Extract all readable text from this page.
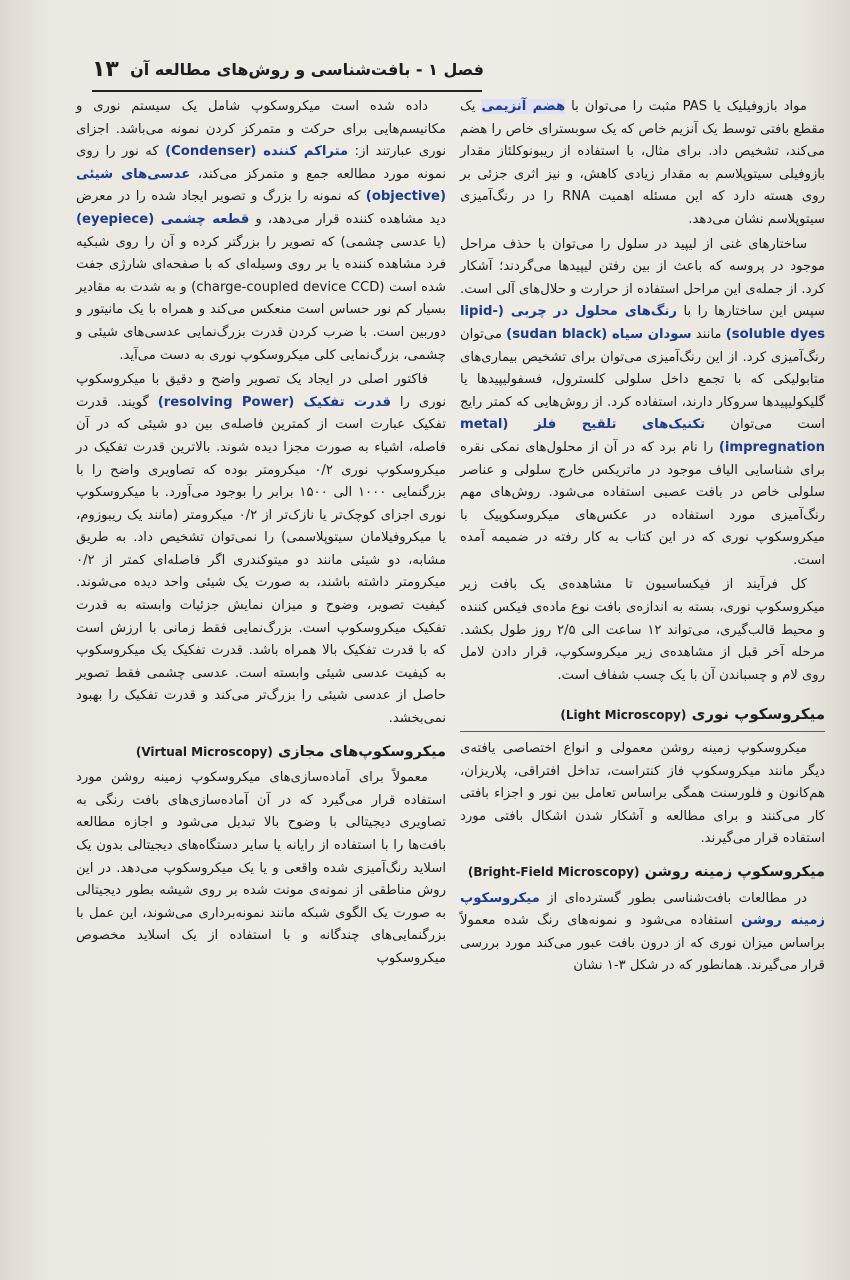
فصل ۱ - بافت‌شناسی و روش‌های مطالعه آن
۱۳

مواد بازوفیلیک یا PAS مثبت را می‌توان با هضم آنزیمی یک مقطع بافتی توسط یک آنزیم خاص که یک سوبسترای خاص را هضم می‌کند، تشخیص داد. برای مثال، با استفاده از ریبونوکلئاز مقدار بازوفیلی سیتوپلاسم به مقدار زیادی کاهش، و نیز اثری جزئی بر روی هسته دارد که این مسئله اهمیت RNA را در رنگ‌آمیزی سیتوپلاسم نشان می‌دهد.

ساختارهای غنی از لیپید در سلول را می‌توان با حذف مراحل موجود در پروسه که باعث از بین رفتن لیپیدها می‌گردند؛ آشکار کرد. از جمله‌ی این مراحل استفاده از حرارت و حلال‌های آلی است. سپس این ساختارها را با رنگ‌های محلول در چربی (lipid-soluble dyes) مانند سودان سیاه (sudan black) می‌توان رنگ‌آمیزی کرد. از این رنگ‌آمیزی می‌توان برای تشخیص بیماری‌های متابولیکی که با تجمع داخل سلولی کلسترول، فسفولیپیدها یا گلیکولیپیدها سروکار دارند، استفاده کرد. از روش‌هایی که کمتر رایج است می‌توان تکنیک‌های تلقیح فلز (metal impregnation) را نام برد که در آن از محلول‌های نمکی نقره برای شناسایی الیاف موجود در ماتریکس خارج سلولی و عناصر سلولی خاص در بافت عصبی استفاده می‌شود. روش‌های مهم رنگ‌آمیزی مورد استفاده در عکس‌های میکروسکوپیک با میکروسکوپ نوری که در این کتاب به کار رفته در ضمیمه آمده است.

کل فرآیند از فیکساسیون تا مشاهده‌ی یک بافت زیر میکروسکوپ نوری، بسته به اندازه‌ی بافت نوع ماده‌ی فیکس کننده و محیط قالب‌گیری، می‌تواند ۱۲ ساعت الی ۲/۵ روز طول بکشد. مرحله آخر قبل از مشاهده‌ی زیر میکروسکوپ، قرار دادن لامل روی لام و چسباندن آن با یک چسب شفاف است.

میکروسکوپ نوری (Light Microscopy)

میکروسکوپ زمینه روشن معمولی و انواع اختصاصی یافته‌ی دیگر مانند میکروسکوپ فاز کنتراست، تداخل افتراقی، پلاریزان، هم‌کانون و فلورسنت همگی براساس تعامل بین نور و اجزاء بافتی کار می‌کنند و برای مطالعه و آشکار شدن اشکال بافتی مورد استفاده قرار می‌گیرند.

میکروسکوپ زمینه روشن (Bright-Field Microscopy)

در مطالعات بافت‌شناسی بطور گسترده‌ای از میکروسکوپ زمینه روشن استفاده می‌شود و نمونه‌های رنگ شده معمولاً براساس میزان نوری که از درون بافت عبور می‌کند مورد بررسی قرار می‌گیرند. همانطور که در شکل ۳-۱ نشان

داده شده است میکروسکوپ شامل یک سیستم نوری و مکانیسم‌هایی برای حرکت و متمرکز کردن نمونه می‌باشد. اجزای نوری عبارتند از: متراکم کننده (Condenser) که نور را روی نمونه مورد مطالعه جمع و متمرکز می‌کند، عدسی‌های شیئی (objective) که نمونه را بزرگ و تصویر ایجاد شده را در معرض دید مشاهده کننده قرار می‌دهد، و قطعه چشمی (eyepiece) (یا عدسی چشمی) که تصویر را بزرگتر کرده و آن را روی شبکیه فرد مشاهده کننده یا بر روی وسیله‌ای که با صفحه‌ای شارژی جفت شده است (charge-coupled device CCD) و به شدت به مقادیر بسیار کم نور حساس است منعکس می‌کند و همراه با یک مانیتور و دوربین است. با ضرب کردن قدرت بزرگ‌نمایی عدسی‌های شیئی و چشمی، بزرگ‌نمایی کلی میکروسکوپ نوری به دست می‌آید.

فاکتور اصلی در ایجاد یک تصویر واضح و دقیق با میکروسکوپ نوری را قدرت تفکیک (resolving Power) گویند. قدرت تفکیک عبارت است از کمترین فاصله‌ی بین دو شیئی که در آن فاصله، اشیاء به صورت مجزا دیده شوند. بالاترین قدرت تفکیک در میکروسکوپ نوری ۰/۲ میکرومتر بوده که تصاویری واضح را با بزرگنمایی ۱۰۰۰ الی ۱۵۰۰ برابر را بوجود می‌آورد. با میکروسکوپ نوری اجزای کوچک‌تر یا نازک‌تر از ۰/۲ میکرومتر (مانند یک ریبوزوم، یا میکروفیلامان سیتوپلاسمی) را نمی‌توان تشخیص داد. به طریق مشابه، دو شیئی مانند دو میتوکندری اگر فاصله‌ای کمتر از ۰/۲ میکرومتر داشته باشند، به صورت یک شیئی واحد دیده می‌شوند. کیفیت تصویر، وضوح و میزان نمایش جزئیات وابسته به قدرت تفکیک میکروسکوپ است. بزرگ‌نمایی فقط زمانی با ارزش است که با قدرت تفکیک بالا همراه باشد. قدرت تفکیک یک میکروسکوپ به کیفیت عدسی شیئی وابسته است. عدسی چشمی فقط تصویر حاصل از عدسی شیئی را بزرگ‌تر می‌کند و قدرت تفکیک را بهبود نمی‌بخشد.

میکروسکوپ‌های مجازی (Virtual Microscopy)

معمولاً برای آماده‌سازی‌های میکروسکوپ زمینه روشن مورد استفاده قرار می‌گیرد که در آن آماده‌سازی‌های بافت رنگی به تصاویری دیجیتالی با وضوح بالا تبدیل می‌شود و اجازه مطالعه بافت‌ها را با استفاده از رایانه یا سایر دستگاه‌های دیجیتالی بدون یک اسلاید رنگ‌آمیزی شده واقعی و یا یک میکروسکوپ می‌دهد. در این روش مناطقی از نمونه‌ی مونت شده بر روی شیشه بطور دیجیتالی به صورت یک الگوی شبکه مانند نمونه‌برداری می‌شوند، این عمل با بزرگنمایی‌های چندگانه و با استفاده از یک اسلاید مخصوص میکروسکوپ
